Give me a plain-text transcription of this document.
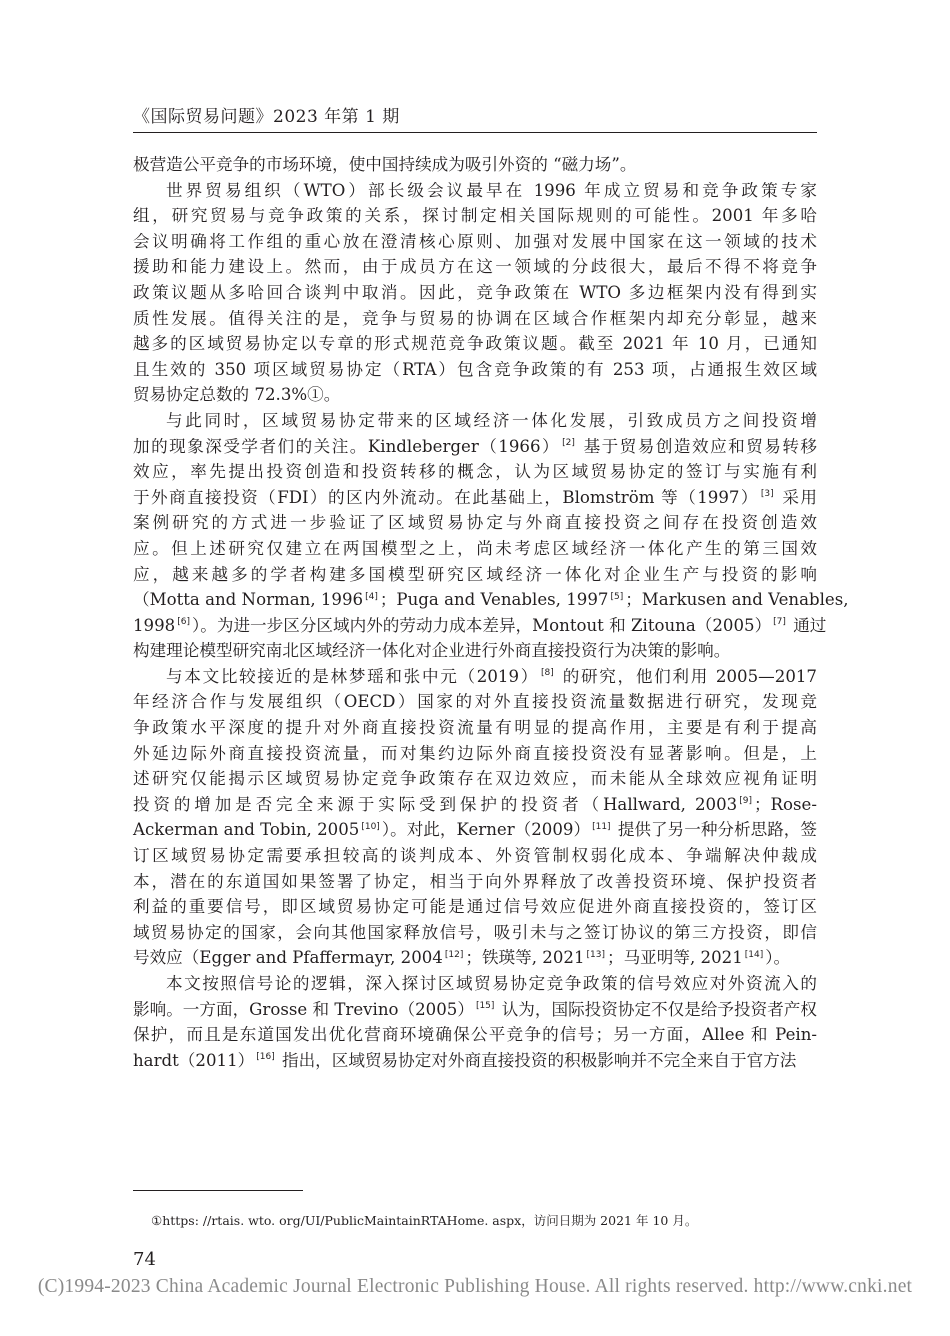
《国际贸易问题》2023 年第 1 期
极营造公平竞争的市场环境，使中国持续成为吸引外资的 “磁力场”。
世界贸易组织（WTO）部长级会议最早在 1996 年成立贸易和竞争政策专家
组，研究贸易与竞争政策的关系，探讨制定相关国际规则的可能性。2001 年多哈
会议明确将工作组的重心放在澄清核心原则、加强对发展中国家在这一领域的技术
援助和能力建设上。然而，由于成员方在这一领域的分歧很大，最后不得不将竞争
政策议题从多哈回合谈判中取消。因此，竞争政策在 WTO 多边框架内没有得到实
质性发展。值得关注的是，竞争与贸易的协调在区域合作框架内却充分彰显，越来
越多的区域贸易协定以专章的形式规范竞争政策议题。截至 2021 年 10 月，已通知
且生效的 350 项区域贸易协定（RTA）包含竞争政策的有 253 项，占通报生效区域
贸易协定总数的 72.3%①。
与此同时，区域贸易协定带来的区域经济一体化发展，引致成员方之间投资增
加的现象深受学者们的关注。Kindleberger（1966） [2] 基于贸易创造效应和贸易转移
效应，率先提出投资创造和投资转移的概念，认为区域贸易协定的签订与实施有利
于外商直接投资（FDI）的区内外流动。在此基础上，Blomström 等（1997） [3] 采用
案例研究的方式进一步验证了区域贸易协定与外商直接投资之间存在投资创造效
应。但上述研究仅建立在两国模型之上，尚未考虑区域经济一体化产生的第三国效
应，越来越多的学者构建多国模型研究区域经济一体化对企业生产与投资的影响
（Motta and Norman, 1996 [4] ；Puga and Venables, 1997 [5] ；Markusen and Venables,
1998 [6] ）。为进一步区分区域内外的劳动力成本差异，Montout 和 Zitouna（2005） [7] 通过
构建理论模型研究南北区域经济一体化对企业进行外商直接投资行为决策的影响。
与本文比较接近的是林梦瑶和张中元（2019） [8] 的研究，他们利用 2005—2017
年经济合作与发展组织（OECD）国家的对外直接投资流量数据进行研究，发现竞
争政策水平深度的提升对外商直接投资流量有明显的提高作用，主要是有利于提高
外延边际外商直接投资流量，而对集约边际外商直接投资没有显著影响。但是，上
述研究仅能揭示区域贸易协定竞争政策存在双边效应，而未能从全球效应视角证明
投资的增加是否完全来源于实际受到保护的投资者（Hallward, 2003 [9] ；Rose-
Ackerman and Tobin, 2005 [10] ）。对此，Kerner（2009） [11] 提供了另一种分析思路，签
订区域贸易协定需要承担较高的谈判成本、外资管制权弱化成本、争端解决仲裁成
本，潜在的东道国如果签署了协定，相当于向外界释放了改善投资环境、保护投资者
利益的重要信号，即区域贸易协定可能是通过信号效应促进外商直接投资的，签订区
域贸易协定的国家，会向其他国家释放信号，吸引未与之签订协议的第三方投资，即信
号效应（Egger and Pfaffermayr, 2004 [12] ；铁瑛等, 2021 [13] ；马亚明等, 2021 [14] ）。
本文按照信号论的逻辑，深入探讨区域贸易协定竞争政策的信号效应对外资流入的
影响。一方面，Grosse 和 Trevino（2005） [15] 认为，国际投资协定不仅是给予投资者产权
保护，而且是东道国发出优化营商环境确保公平竞争的信号；另一方面，Allee 和 Pein-
hardt（2011） [16] 指出，区域贸易协定对外商直接投资的积极影响并不完全来自于官方法
①https: //rtais. wto. org/UI/PublicMaintainRTAHome. aspx，访问日期为 2021 年 10 月。
74
(C)1994-2023 China Academic Journal Electronic Publishing House. All rights reserved. http://www.cnki.net
